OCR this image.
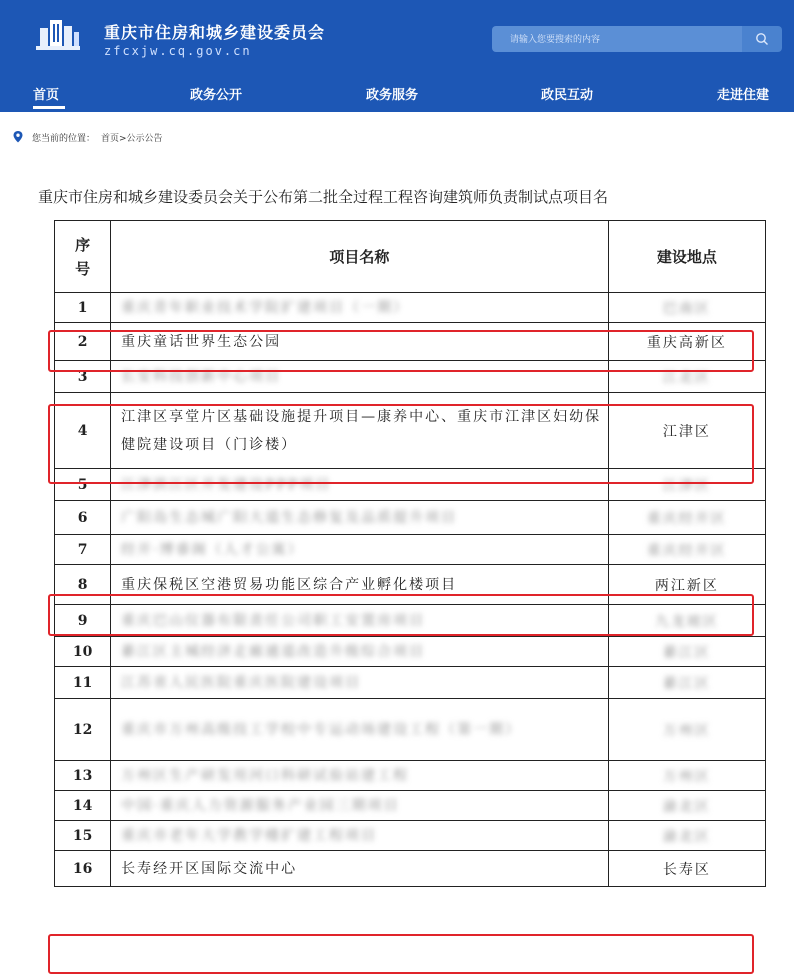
重庆市住房和城乡建设委员会
zfcxjw.cq.gov.cn
请输入您要搜索的内容
首页	政务公开	政务服务	政民互动	走进住建
您当前的位置： 首页>公示公告
重庆市住房和城乡建设委员会关于公布第二批全过程工程咨询建筑师负责制试点项目名
序
号	项目名称	建设地点
1	重庆青年职业技术学院扩建项目（一期）	巴南区
2	重庆童话世界生态公园	重庆高新区
3	长安科技创新中心项目	江北区
4	江津区享堂片区基础设施提升项目—康养中心、重庆市江津区妇幼保健院建设项目（门诊楼）	江津区
5	江津滨江区开发建设PPP项目	江津区
6	广阳岛生态城广阳大道生态修复及品质提升项目	重庆经开区
7	经开·博睿阁（人才公寓）	重庆经开区
8	重庆保税区空港贸易功能区综合产业孵化楼项目	两江新区
9	重庆巴山仪器有限责任公司职工安置房项目	九龙坡区
10	綦江区主城经济走廊通道改造升级综合项目	綦江区
11	江苏省人民医院重庆医院建设项目	綦江区
12	重庆市万州高级技工学校中专运动场建设工程（第一期）	万州区
13	万州区生产研发用河口科研试验站建工程	万州区
14	中国·重庆人力资源服务产业园三期项目	渝北区
15	重庆市老年大学教学楼扩建工程项目	渝北区
16	长寿经开区国际交流中心	长寿区
